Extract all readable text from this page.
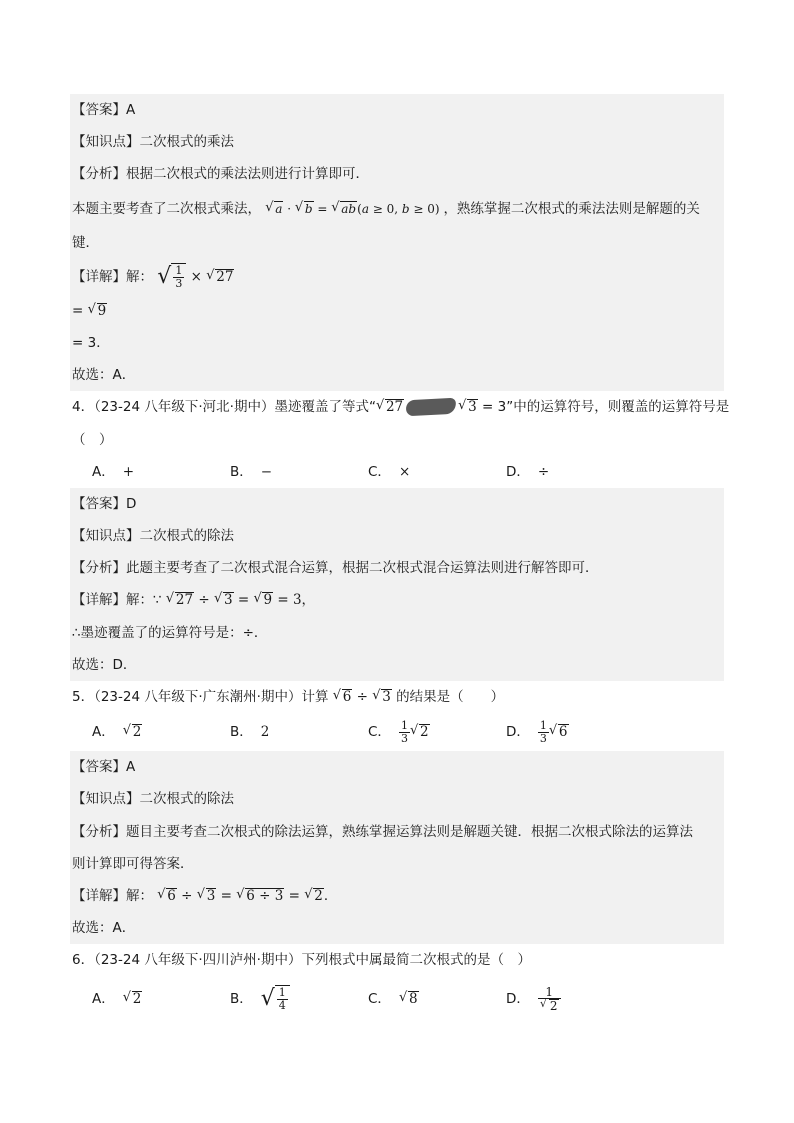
【答案】A
【知识点】二次根式的乘法
【分析】根据二次根式的乘法法则进行计算即可．
本题主要考查了二次根式乘法， √ a · √ b = √ ab(a ≥ 0, b ≥ 0) ，熟练掌握二次根式的乘法法则是解题的关
键．
【详解】解： √ $\frac{1}{3}$ × √ 27
= √ 9
= 3．
故选：A．
4．（23-24 八年级下·河北·期中）墨迹覆盖了等式“ √ 27	√ 3 = 3”中的运算符号，则覆盖的运算符号是
（　）
A． +	B． −	C． ×	D． ÷
【答案】D
【知识点】二次根式的除法
【分析】此题主要考查了二次根式混合运算，根据二次根式混合运算法则进行解答即可．
【详解】解：∵ √ 27 ÷ √ 3 = √ 9 = 3，
∴墨迹覆盖了的运算符号是：÷．
故选：D．
5．（23-24 八年级下·广东潮州·期中）计算 √ 6 ÷ √ 3 的结果是（　　）
A． √ 2	B． 2	C． $\frac{1}{3}$ √ 2	D． $\frac{1}{3}$ √ 6
【答案】A
【知识点】二次根式的除法
【分析】题目主要考查二次根式的除法运算，熟练掌握运算法则是解题关键．根据二次根式除法的运算法
则计算即可得答案．
【详解】解： √ 6 ÷ √ 3 = √ 6 ÷ 3 = √ 2．
故选：A．
6．（23-24 八年级下·四川泸州·期中）下列根式中属最简二次根式的是（　）
A． √ 2	B． √ $\frac{1}{4}$	C． √ 8	D． $\frac{1}{√ 2}$
